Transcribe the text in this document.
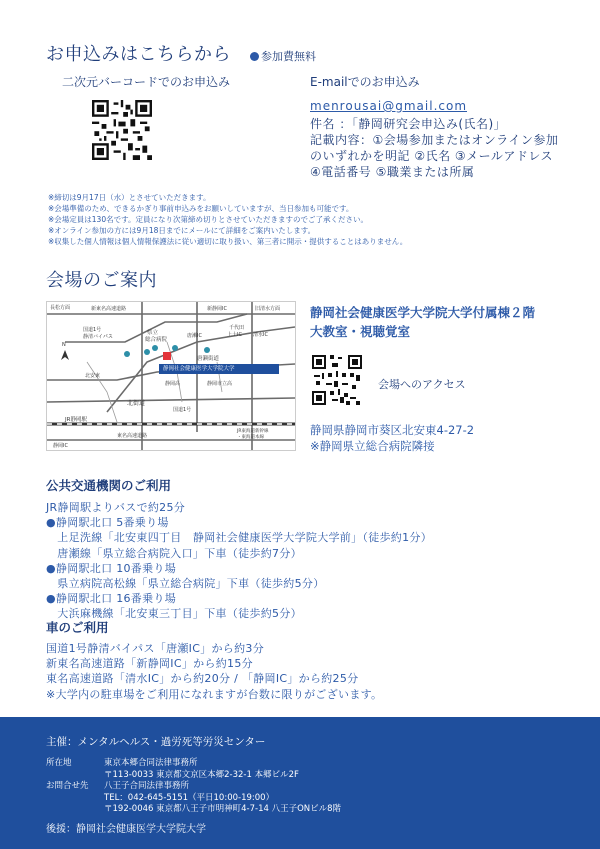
お申込みはこちらから	参加費無料
二次元バーコードでのお申込み	E-mailでのお申込み
menrousai@gmail.com
件名 ：「静岡研究会申込み(氏名)」
記載内容：①会場参加またはオンライン参加
のいずれかを明記 ②氏名 ③メールアドレス
④電話番号 ⑤職業または所属
※締切は9月17日（水）とさせていただきます。
※会場準備のため、できるかぎり事前申込みをお願いしていますが、当日参加も可能です。
※会場定員は130名です。定員になり次第締め切りとさせていただきますのでご了承ください。
※オンライン参加の方には9月18日までにメールにて詳細をご案内いたします。
※収集した個人情報は個人情報保護法に従い適切に取り扱い、第三者に開示・提供することはありません。
会場のご案内
長松方面	新東名高速道路	新静岡IC	旧清水方面
国道1号
静清バイパス
県立
総合病院
唐瀬IC
千代田
上土IC 清水IC
唐瀬街道
静岡社会健康医学大学院大学
N
北安東
静岡高	静岡市立高
北街道
国道1号
JR静岡駅
JR東海道新幹線
・東海道本線
東名高速道路
静岡IC
静岡社会健康医学大学院大学付属棟２階
大教室・視聴覚室
会場へのアクセス
静岡県静岡市葵区北安東4-27-2
※静岡県立総合病院隣接
公共交通機関のご利用
JR静岡駅よりバスで約25分
●静岡駅北口 5番乗り場
　上足洗線「北安東四丁目　静岡社会健康医学大学院大学前」（徒歩約1分）
　唐瀬線「県立総合病院入口」下車（徒歩約7分）
●静岡駅北口 10番乗り場
　県立病院高松線「県立総合病院」下車（徒歩約5分）
●静岡駅北口 16番乗り場
　大浜麻機線「北安東三丁目」下車（徒歩約5分）
車のご利用
国道1号静清バイパス「唐瀬IC」から約3分
新東名高速道路「新静岡IC」から約15分
東名高速道路「清水IC」から約20分 / 「静岡IC」から約25分
※大学内の駐車場をご利用になれますが台数に限りがございます。
主催：メンタルヘルス・過労死等労災センター
所在地	東京本郷合同法律事務所
〒113-0033 東京都文京区本郷2-32-1 本郷ビル2F
お問合せ先 八王子合同法律事務所
TEL：042-645-5151（平日10:00-19:00）
〒192-0046 東京都八王子市明神町4-7-14 八王子ONビル8階
後援：静岡社会健康医学大学院大学
